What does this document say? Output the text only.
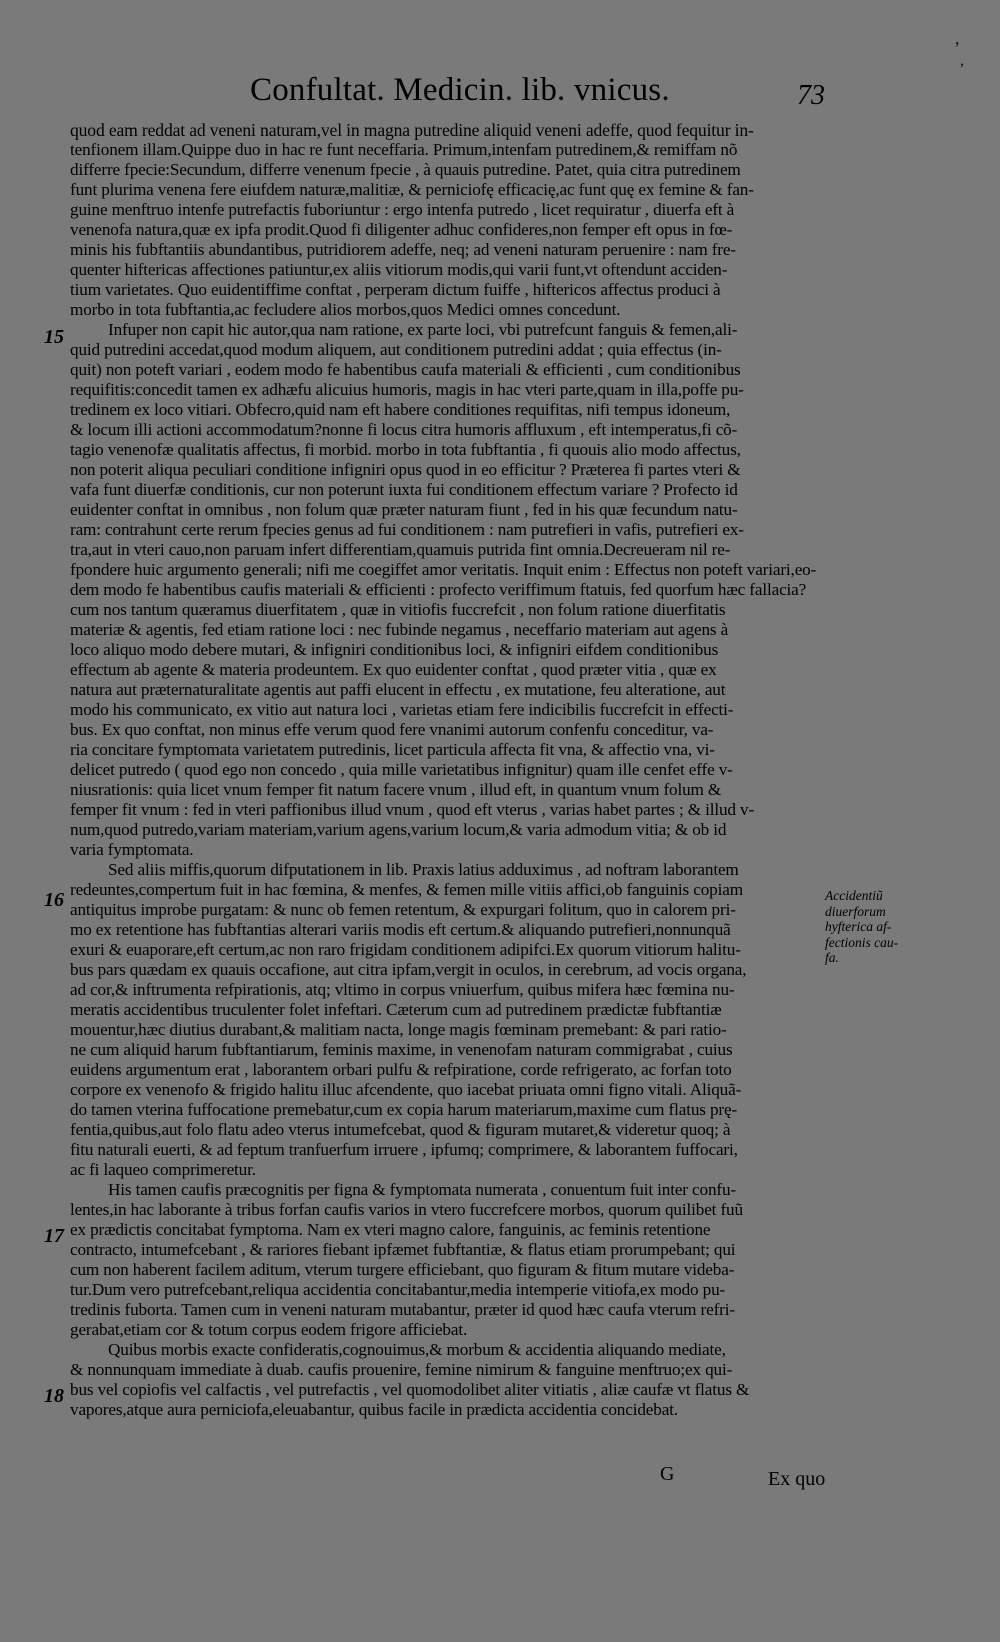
,
,
Confultat. Medicin. lib. vnicus.	73
quod eam reddat ad veneni naturam,vel in magna putredine aliquid veneni adeffe, quod fequitur in-
tenfionem illam.Quippe duo in hac re funt neceffaria. Primum,intenfam putredinem,& remiffam nõ
differre fpecie:Secundum, differre venenum fpecie , à quauis putredine. Patet, quia citra putredinem
funt plurima venena fere eiufdem naturæ,malitiæ, & perniciofę efficacię,ac funt quę ex femine & fan-
guine menftruo intenfe putrefactis fuboriuntur : ergo intenfa putredo , licet requiratur , diuerfa eft à
venenofa natura,quæ ex ipfa prodit.Quod fi diligenter adhuc confideres,non femper eft opus in fœ-
minis his fubftantiis abundantibus, putridiorem adeffe, neq; ad veneni naturam peruenire : nam fre-
quenter hiftericas affectiones patiuntur,ex aliis vitiorum modis,qui varii funt,vt oftendunt acciden-
tium varietates. Quo euidentiffime conftat , perperam dictum fuiffe , hiftericos affectus produci à
morbo in tota fubftantia,ac fecludere alios morbos,quos Medici omnes concedunt.
Infuper non capit hic autor,qua nam ratione, ex parte loci, vbi putrefcunt fanguis & femen,ali-
quid putredini accedat,quod modum aliquem, aut conditionem putredini addat ; quia effectus (in-
quit) non poteft variari , eodem modo fe habentibus caufa materiali & efficienti , cum conditionibus
requifitis:concedit tamen ex adhæfu alicuius humoris, magis in hac vteri parte,quam in illa,poffe pu-
tredinem ex loco vitiari. Obfecro,quid nam eft habere conditiones requifitas, nifi tempus idoneum,
& locum illi actioni accommodatum?nonne fi locus citra humoris affluxum , eft intemperatus,fi cõ-
tagio venenofæ qualitatis affectus, fi morbid. morbo in tota fubftantia , fi quouis alio modo affectus,
non poterit aliqua peculiari conditione infigniri opus quod in eo efficitur ? Præterea fi partes vteri &
vafa funt diuerfæ conditionis, cur non poterunt iuxta fui conditionem effectum variare ? Profecto id
euidenter conftat in omnibus , non folum quæ præter naturam fiunt , fed in his quæ fecundum natu-
ram: contrahunt certe rerum fpecies genus ad fui conditionem : nam putrefieri in vafis, putrefieri ex-
tra,aut in vteri cauo,non paruam infert differentiam,quamuis putrida fint omnia.Decreueram nil re-
fpondere huic argumento generali; nifi me coegiffet amor veritatis. Inquit enim : Effectus non poteft variari,eo-
dem modo fe habentibus caufis materiali & efficienti : profecto veriffimum ftatuis, fed quorfum hæc fallacia?
cum nos tantum quæramus diuerfitatem , quæ in vitiofis fuccrefcit , non folum ratione diuerfitatis
materiæ & agentis, fed etiam ratione loci : nec fubinde negamus , neceffario materiam aut agens à
loco aliquo modo debere mutari, & infigniri conditionibus loci, & infigniri eifdem conditionibus
effectum ab agente & materia prodeuntem. Ex quo euidenter conftat , quod præter vitia , quæ ex
natura aut præternaturalitate agentis aut paffi elucent in effectu , ex mutatione, feu alteratione, aut
modo his communicato, ex vitio aut natura loci , varietas etiam fere indicibilis fuccrefcit in effecti-
bus. Ex quo conftat, non minus effe verum quod fere vnanimi autorum confenfu conceditur, va-
ria concitare fymptomata varietatem putredinis, licet particula affecta fit vna, & affectio vna, vi-
delicet putredo ( quod ego non concedo , quia mille varietatibus infignitur) quam ille cenfet effe v-
niusrationis: quia licet vnum femper fit natum facere vnum , illud eft, in quantum vnum folum &
femper fit vnum : fed in vteri paffionibus illud vnum , quod eft vterus , varias habet partes ; & illud v-
num,quod putredo,variam materiam,varium agens,varium locum,& varia admodum vitia; & ob id
varia fymptomata.
Sed aliis miffis,quorum difputationem in lib. Praxis latius adduximus , ad noftram laborantem
redeuntes,compertum fuit in hac fœmina, & menfes, & femen mille vitiis affici,ob fanguinis copiam
antiquitus improbe purgatam: & nunc ob femen retentum, & expurgari folitum, quo in calorem pri-
mo ex retentione has fubftantias alterari variis modis eft certum.& aliquando putrefieri,nonnunquã
exuri & euaporare,eft certum,ac non raro frigidam conditionem adipifci.Ex quorum vitiorum halitu-
bus pars quædam ex quauis occafione, aut citra ipfam,vergit in oculos, in cerebrum, ad vocis organa,
ad cor,& inftrumenta refpirationis, atq; vltimo in corpus vniuerfum, quibus mifera hæc fœmina nu-
meratis accidentibus truculenter folet infeftari. Cæterum cum ad putredinem prædictæ fubftantiæ
mouentur,hæc diutius durabant,& malitiam nacta, longe magis fœminam premebant: & pari ratio-
ne cum aliquid harum fubftantiarum, feminis maxime, in venenofam naturam commigrabat , cuius
euidens argumentum erat , laborantem orbari pulfu & refpiratione, corde refrigerato, ac forfan toto
corpore ex venenofo & frigido halitu illuc afcendente, quo iacebat priuata omni figno vitali. Aliquã-
do tamen vterina fuffocatione premebatur,cum ex copia harum materiarum,maxime cum flatus prę-
fentia,quibus,aut folo flatu adeo vterus intumefcebat, quod & figuram mutaret,& videretur quoq; à
fitu naturali euerti, & ad feptum tranfuerfum irruere , ipfumq; comprimere, & laborantem fuffocari,
ac fi laqueo comprimeretur.
His tamen caufis præcognitis per figna & fymptomata numerata , conuentum fuit inter confu-
lentes,in hac laborante à tribus forfan caufis varios in vtero fuccrefcere morbos, quorum quilibet fuũ
ex prædictis concitabat fymptoma. Nam ex vteri magno calore, fanguinis, ac feminis retentione
contracto, intumefcebant , & rariores fiebant ipfæmet fubftantiæ, & flatus etiam prorumpebant; qui
cum non haberent facilem aditum, vterum turgere efficiebant, quo figuram & fitum mutare videba-
tur.Dum vero putrefcebant,reliqua accidentia concitabantur,media intemperie vitiofa,ex modo pu-
tredinis fuborta. Tamen cum in veneni naturam mutabantur, præter id quod hæc caufa vterum refri-
gerabat,etiam cor & totum corpus eodem frigore afficiebat.
Quibus morbis exacte confideratis,cognouimus,& morbum & accidentia aliquando mediate,
& nonnunquam immediate à duab. caufis prouenire, femine nimirum & fanguine menftruo;ex qui-
bus vel copiofis vel calfactis , vel putrefactis , vel quomodolibet aliter vitiatis , aliæ caufæ vt flatus &
vapores,atque aura perniciofa,eleuabantur, quibus facile in prædicta accidentia concidebat.
15
16
17
18
Accidentiũ
diuerforum
hyfterica af-
fectionis cau-
fa.
G	Ex quo
